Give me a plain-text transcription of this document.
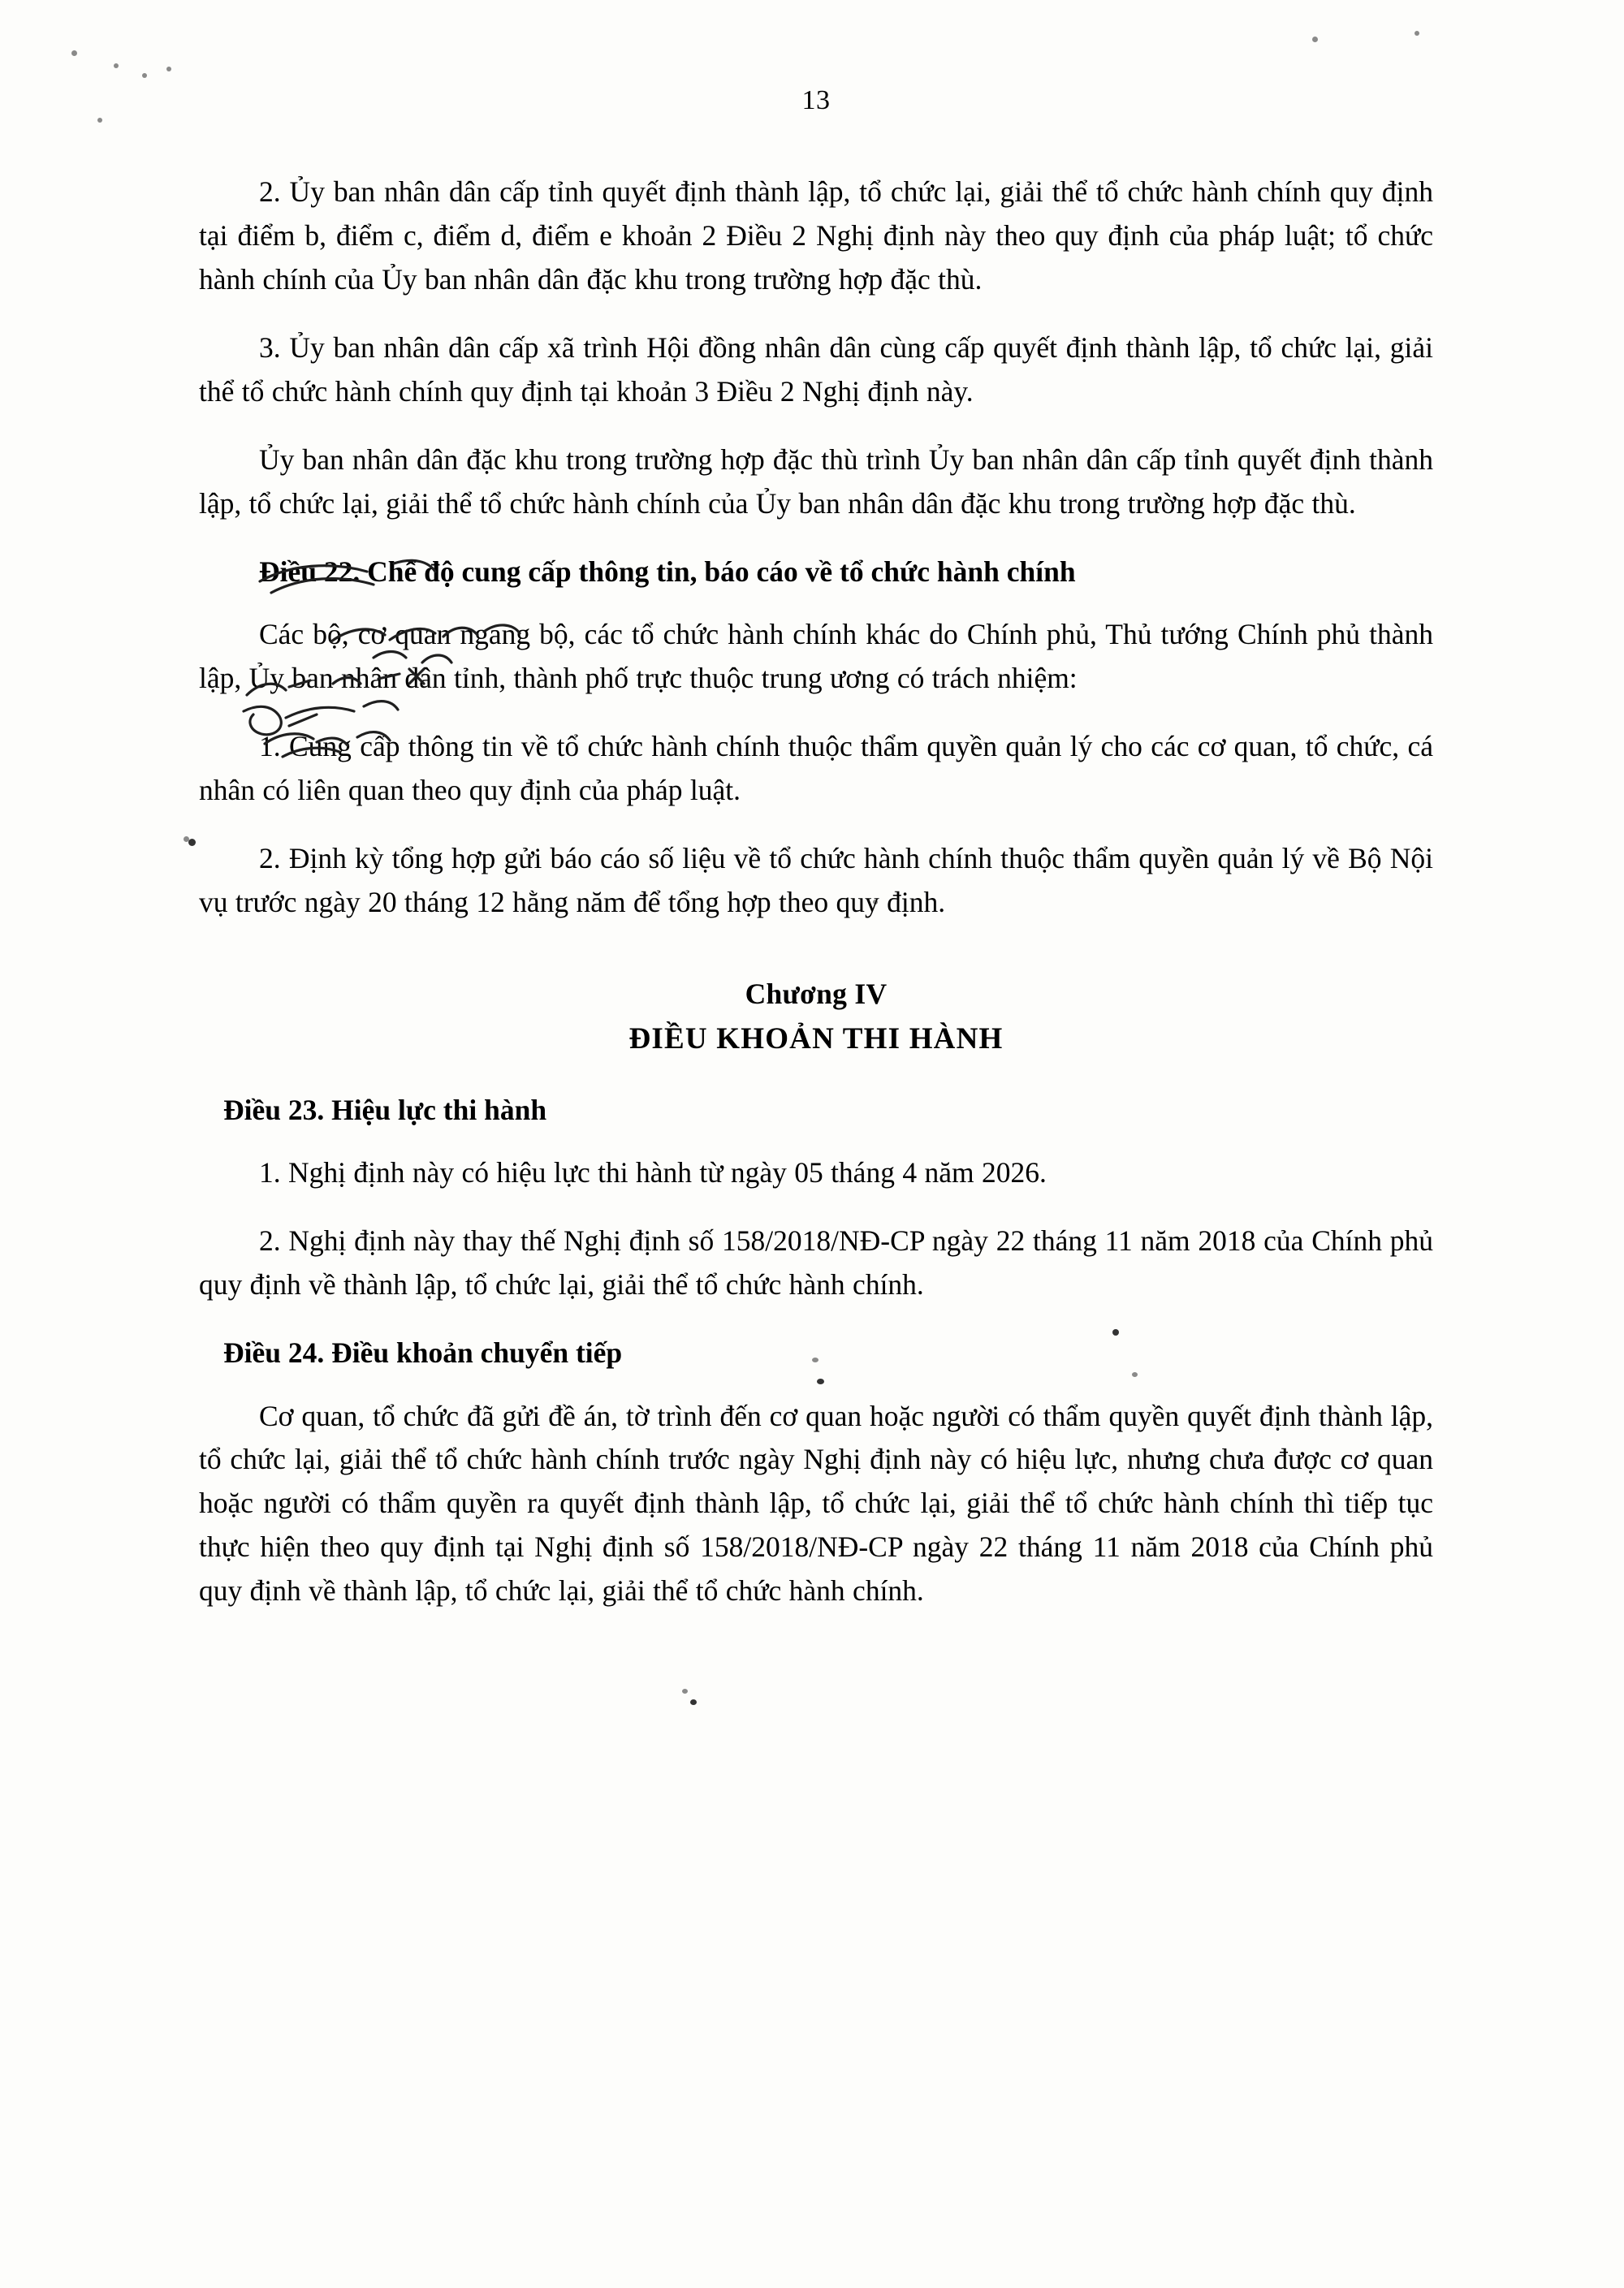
13

2. Ủy ban nhân dân cấp tỉnh quyết định thành lập, tổ chức lại, giải thể tổ chức hành chính quy định tại điểm b, điểm c, điểm d, điểm e khoản 2 Điều 2 Nghị định này theo quy định của pháp luật; tổ chức hành chính của Ủy ban nhân dân đặc khu trong trường hợp đặc thù.

3. Ủy ban nhân dân cấp xã trình Hội đồng nhân dân cùng cấp quyết định thành lập, tổ chức lại, giải thể tổ chức hành chính quy định tại khoản 3 Điều 2 Nghị định này.

Ủy ban nhân dân đặc khu trong trường hợp đặc thù trình Ủy ban nhân dân cấp tỉnh quyết định thành lập, tổ chức lại, giải thể tổ chức hành chính của Ủy ban nhân dân đặc khu trong trường hợp đặc thù.

Điều 22. Chế độ cung cấp thông tin, báo cáo về tổ chức hành chính

Các bộ, cơ quan ngang bộ, các tổ chức hành chính khác do Chính phủ, Thủ tướng Chính phủ thành lập, Ủy ban nhân dân tỉnh, thành phố trực thuộc trung ương có trách nhiệm:

1. Cung cấp thông tin về tổ chức hành chính thuộc thẩm quyền quản lý cho các cơ quan, tổ chức, cá nhân có liên quan theo quy định của pháp luật.

2. Định kỳ tổng hợp gửi báo cáo số liệu về tổ chức hành chính thuộc thẩm quyền quản lý về Bộ Nội vụ trước ngày 20 tháng 12 hằng năm để tổng hợp theo quy định.

Chương IV
ĐIỀU KHOẢN THI HÀNH
Điều 23. Hiệu lực thi hành

1. Nghị định này có hiệu lực thi hành từ ngày 05 tháng 4 năm 2026.

2. Nghị định này thay thế Nghị định số 158/2018/NĐ-CP ngày 22 tháng 11 năm 2018 của Chính phủ quy định về thành lập, tổ chức lại, giải thể tổ chức hành chính.

Điều 24. Điều khoản chuyển tiếp

Cơ quan, tổ chức đã gửi đề án, tờ trình đến cơ quan hoặc người có thẩm quyền quyết định thành lập, tổ chức lại, giải thể tổ chức hành chính trước ngày Nghị định này có hiệu lực, nhưng chưa được cơ quan hoặc người có thẩm quyền ra quyết định thành lập, tổ chức lại, giải thể tổ chức hành chính thì tiếp tục thực hiện theo quy định tại Nghị định số 158/2018/NĐ-CP ngày 22 tháng 11 năm 2018 của Chính phủ quy định về thành lập, tổ chức lại, giải thể tổ chức hành chính.
